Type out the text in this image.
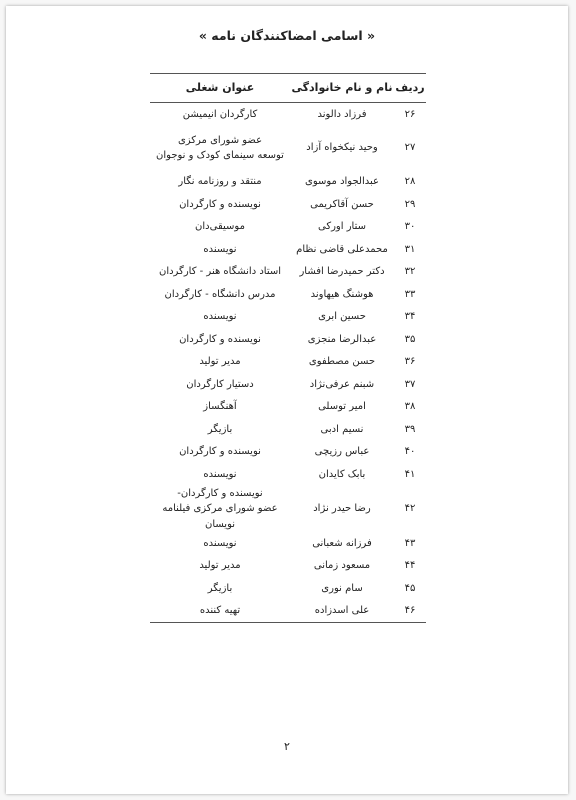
« اسامی امضاکنندگان نامه »
ردیف	نام و نام خانوادگی	عنوان شغلی
۲۶	فرزاد دالوند	کارگردان انیمیشن

۲۷	وحید نیکخواه آزاد	عضو شورای مرکزی
توسعه سینمای کودک و نوجوان

۲۸	عبدالجواد موسوی	منتقد و روزنامه نگار

۲۹	حسن آقاکریمی	نویسنده و کارگردان

۳۰	ستار اورکی	موسیقی‌دان

۳۱	محمدعلی قاضی نظام	نویسنده

۳۲	دکتر حمیدرضا افشار	استاد دانشگاه هنر - کارگردان

۳۳	هوشنگ هیهاوند	مدرس دانشگاه - کارگردان

۳۴	حسین ابری	نویسنده

۳۵	عبدالرضا منجزی	نویسنده و کارگردان

۳۶	حسن مصطفوی	مدیر تولید

۳۷	شبنم عرفی‌نژاد	دستیار کارگردان

۳۸	امیر توسلی	آهنگساز

۳۹	نسیم ادبی	بازیگر

۴۰	عباس رزیچی	نویسنده و کارگردان

۴۱	بابک کایدان	نویسنده

۴۲	رضا حیدر نژاد	نویسنده و کارگردان-
عضو شورای مرکزی فیلنامه نویسان

۴۳	فرزانه شعبانی	نویسنده

۴۴	مسعود زمانی	مدیر تولید

۴۵	سام نوری	بازیگر

۴۶	علی اسدزاده	تهیه کننده
۲
